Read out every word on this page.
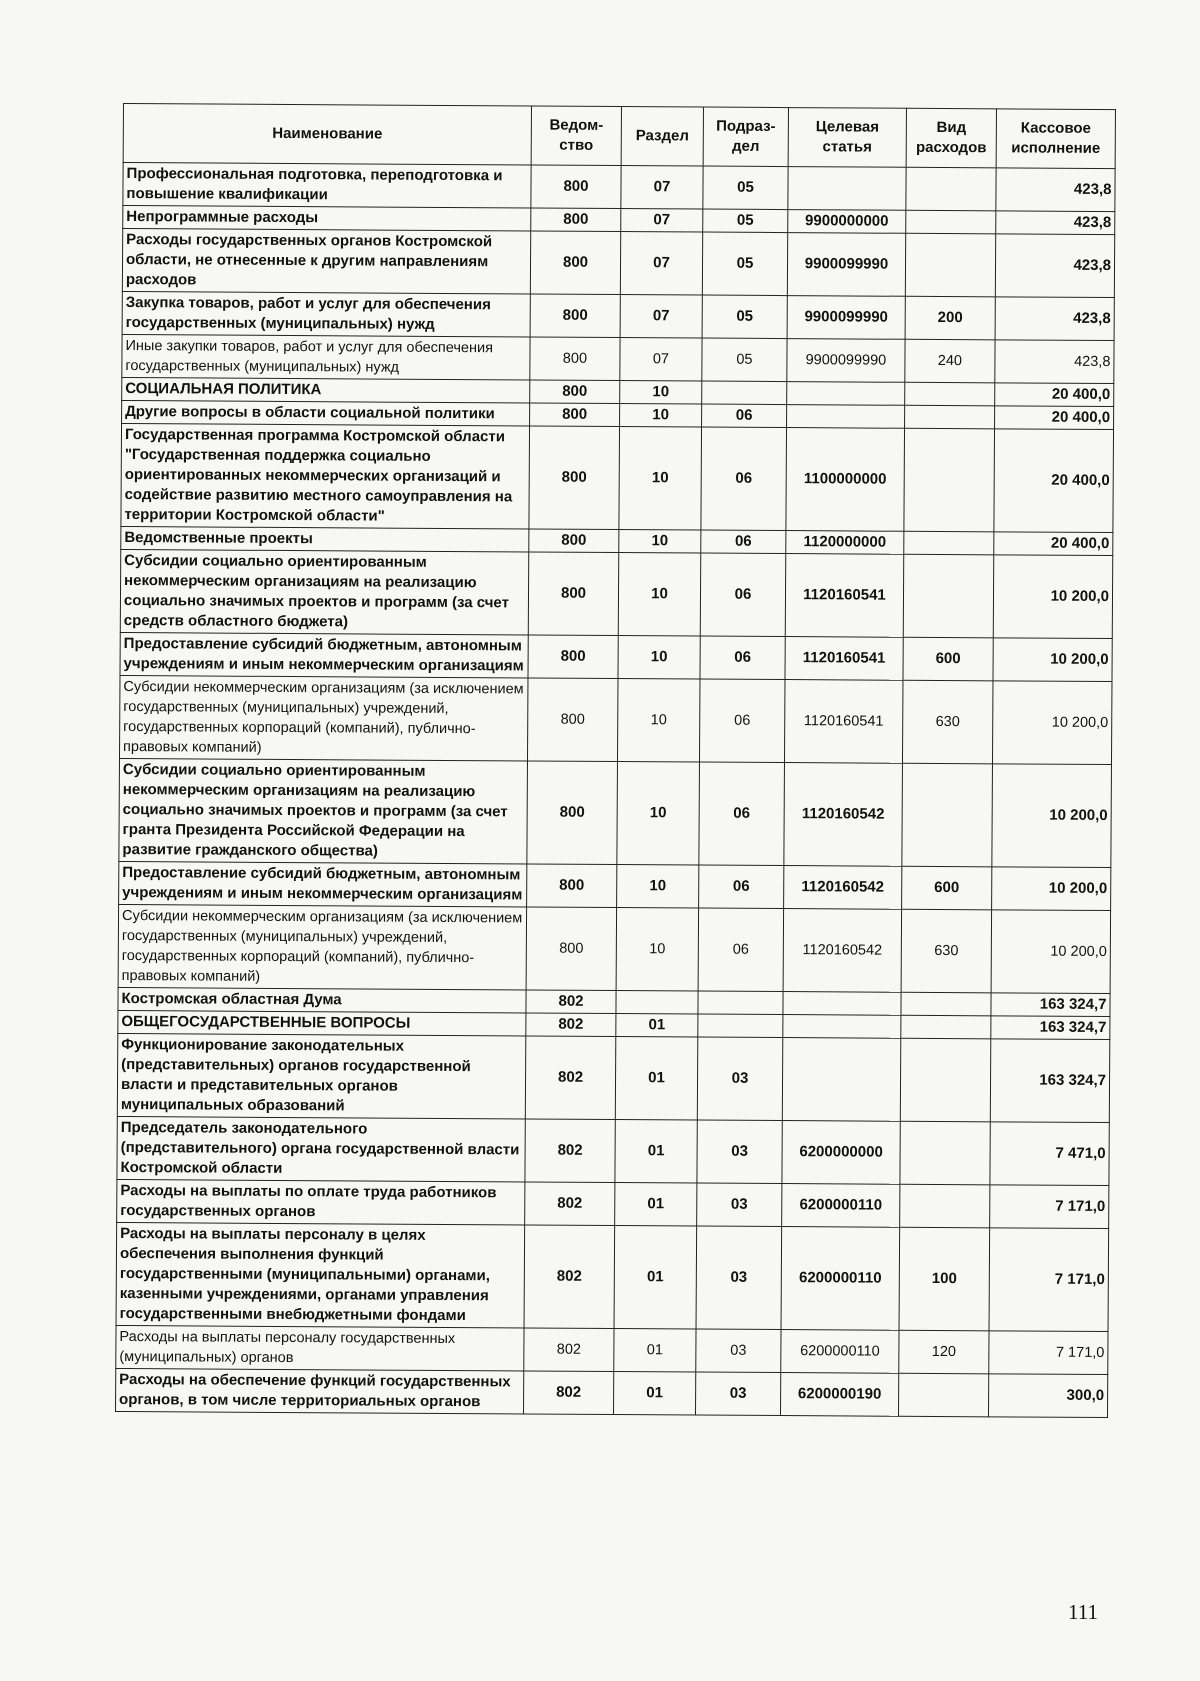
Наименование	Ведом-ство	Раздел	Подраз-дел	Целевая статья	Вид расходов	Кассовое исполнение
Профессиональная подготовка, переподготовка и повышение квалификации	800	07	05			423,8
Непрограммные расходы	800	07	05	9900000000		423,8
Расходы государственных органов Костромской области, не отнесенные к другим направлениям расходов	800	07	05	9900099990		423,8
Закупка товаров, работ и услуг для обеспечения государственных (муниципальных) нужд	800	07	05	9900099990	200	423,8
Иные закупки товаров, работ и услуг для обеспечения государственных (муниципальных) нужд	800	07	05	9900099990	240	423,8
СОЦИАЛЬНАЯ ПОЛИТИКА	800	10				20 400,0
Другие вопросы в области социальной политики	800	10	06			20 400,0
Государственная программа Костромской области "Государственная поддержка социально ориентированных некоммерческих организаций и содействие развитию местного самоуправления на территории Костромской области"	800	10	06	1100000000		20 400,0
Ведомственные проекты	800	10	06	1120000000		20 400,0
Субсидии социально ориентированным некоммерческим организациям на реализацию социально значимых проектов и программ (за счет средств областного бюджета)	800	10	06	1120160541		10 200,0
Предоставление субсидий бюджетным, автономным учреждениям и иным некоммерческим организациям	800	10	06	1120160541	600	10 200,0
Субсидии некоммерческим организациям (за исключением государственных (муниципальных) учреждений, государственных корпораций (компаний), публично-правовых компаний)	800	10	06	1120160541	630	10 200,0
Субсидии социально ориентированным некоммерческим организациям на реализацию социально значимых проектов и программ (за счет гранта Президента Российской Федерации на развитие гражданского общества)	800	10	06	1120160542		10 200,0
Предоставление субсидий бюджетным, автономным учреждениям и иным некоммерческим организациям	800	10	06	1120160542	600	10 200,0
Субсидии некоммерческим организациям (за исключением государственных (муниципальных) учреждений, государственных корпораций (компаний), публично-правовых компаний)	800	10	06	1120160542	630	10 200,0
Костромская областная Дума	802					163 324,7
ОБЩЕГОСУДАРСТВЕННЫЕ ВОПРОСЫ	802	01				163 324,7
Функционирование законодательных (представительных) органов государственной власти и представительных органов муниципальных образований	802	01	03			163 324,7
Председатель законодательного (представительного) органа государственной власти Костромской области	802	01	03	6200000000		7 471,0
Расходы на выплаты по оплате труда работников государственных органов	802	01	03	6200000110		7 171,0
Расходы на выплаты персоналу в целях обеспечения выполнения функций государственными (муниципальными) органами, казенными учреждениями, органами управления государственными внебюджетными фондами	802	01	03	6200000110	100	7 171,0
Расходы на выплаты персоналу государственных (муниципальных) органов	802	01	03	6200000110	120	7 171,0
Расходы на обеспечение функций государственных органов, в том числе территориальных органов	802	01	03	6200000190		300,0
111
